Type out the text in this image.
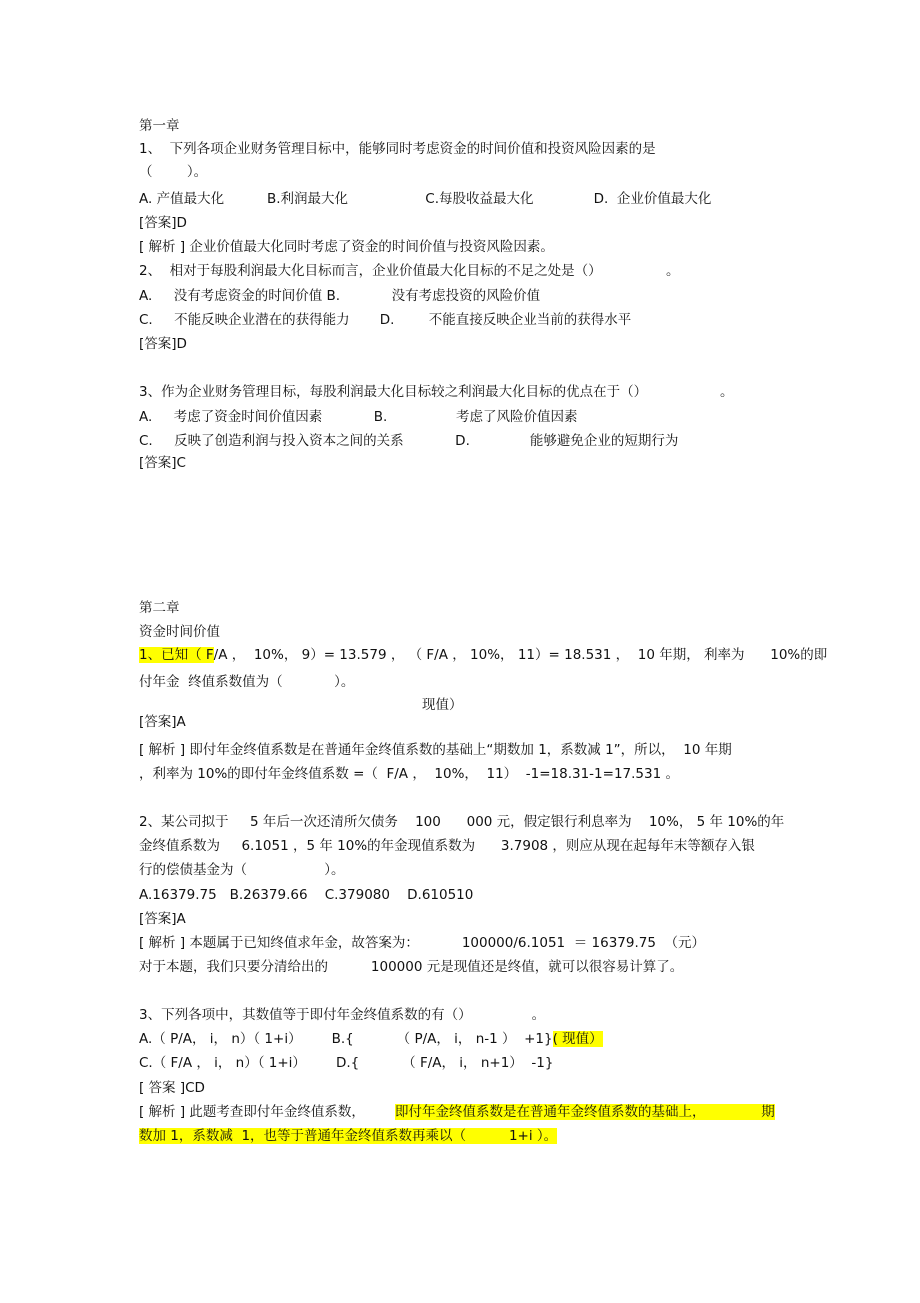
第一章
1、  下列各项企业财务管理目标中，能够同时考虑资金的时间价值和投资风险因素的是
（        ）。
A. 产值最大化          B.利润最大化                  C.每股收益最大化              D.  企业价值最大化
[答案]D
[ 解析 ] 企业价值最大化同时考虑了资金的时间价值与投资风险因素。
2、  相对于每股利润最大化目标而言，企业价值最大化目标的不足之处是（）               。
A.     没有考虑资金的时间价值 B.            没有考虑投资的风险价值
C.     不能反映企业潜在的获得能力       D.        不能直接反映企业当前的获得水平
[答案]D
3、作为企业财务管理目标，每股利润最大化目标较之利润最大化目标的优点在于（）                 。
A.     考虑了资金时间价值因素            B.                考虑了风险价值因素
C.     反映了创造利润与投入资本之间的关系            D.              能够避免企业的短期行为
[答案]C
第二章
资金时间价值
1、已知（ F/A ，  10%， 9）= 13.579 ， （ F/A ， 10%， 11）= 18.531 ，  10 年期， 利率为      10%的即
付年金  终值系数值为（            ）。
现值）
[答案]A
[ 解析 ] 即付年金终值系数是在普通年金终值系数的基础上“期数加 1，系数减 1”，所以，  10 年期
，利率为 10%的即付年金终值系数 =（  F/A ，  10%，  11）  -1=18.31-1=17.531 。
2、某公司拟于     5 年后一次还清所欠债务    100      000 元，假定银行利息率为    10%， 5 年 10%的年
金终值系数为     6.1051 ，5 年 10%的年金现值系数为      3.7908 ，则应从现在起每年末等额存入银
行的偿债基金为（                  ）。
A.16379.75   B.26379.66    C.379080    D.610510
[答案]A
[ 解析 ] 本题属于已知终值求年金，故答案为：          100000/6.1051  ＝ 16379.75  （元）
对于本题，我们只要分清给出的          100000 元是现值还是终值，就可以很容易计算了。
3、下列各项中，其数值等于即付年金终值系数的有（）              。
A.（ P/A， i， n）（ 1+i）       B.{          （ P/A， i， n-1 ）  +1}( 现值）
C.（ F/A ， i， n）（ 1+i）       D.{          （ F/A， i， n+1）  -1}
[ 答案 ]CD
[ 解析 ] 此题考查即付年金终值系数，       即付年金终值系数是在普通年金终值系数的基础上，             期
数加 1，系数减  1，也等于普通年金终值系数再乘以（          1+i ）。
